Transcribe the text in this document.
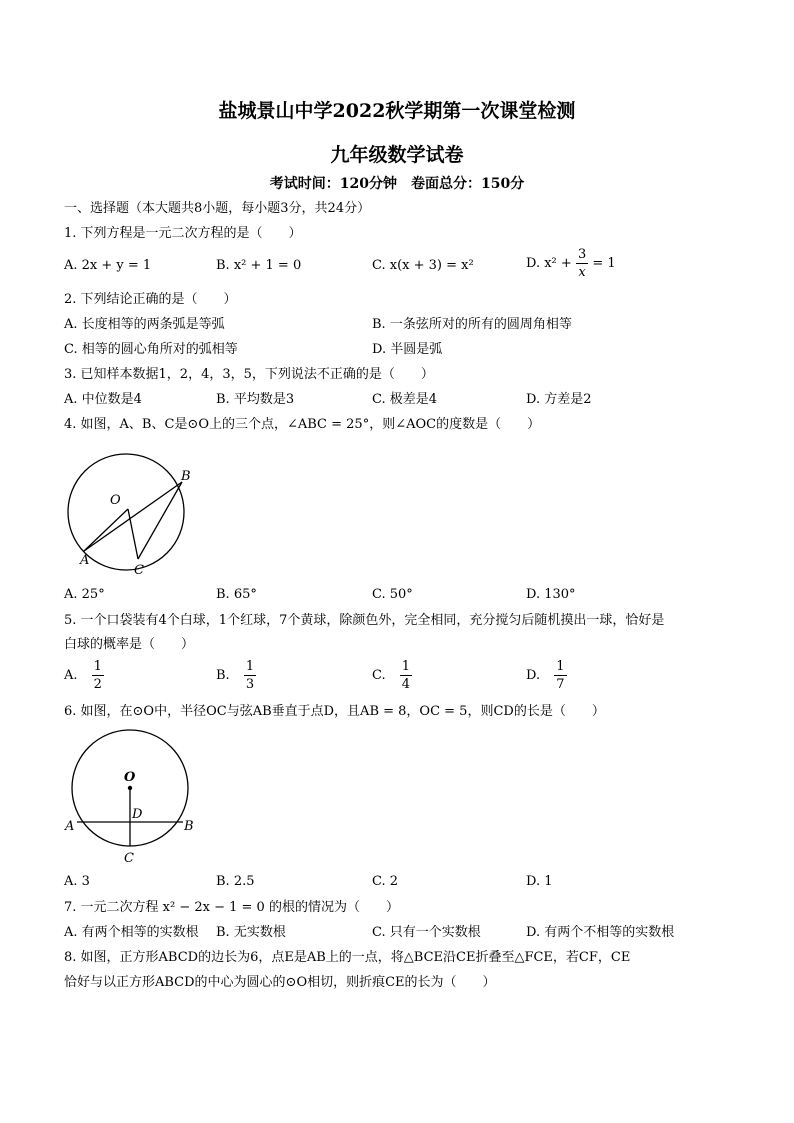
盐城景山中学2022秋学期第一次课堂检测
九年级数学试卷
考试时间：120分钟　卷面总分：150分
一、选择题（本大题共8小题，每小题3分，共24分）
1. 下列方程是一元二次方程的是（　　）
A. 2x + y = 1	B. x² + 1 = 0	C. x(x + 3) = x²	D. $x^2 + \frac{3}{x} = 1$
2. 下列结论正确的是（　　）
A. 长度相等的两条弧是等弧	B. 一条弦所对的所有的圆周角相等
C. 相等的圆心角所对的弧相等	D. 半圆是弧
3. 已知样本数据1，2，4，3，5，下列说法不正确的是（　　）
A. 中位数是4	B. 平均数是3	C. 极差是4	D. 方差是2
4. 如图，A、B、C是⊙O上的三个点，∠ABC = 25°，则∠AOC的度数是（　　）
O
A
B
C
A. 25°	B. 65°	C. 50°	D. 130°
5. 一个口袋装有4个白球，1个红球，7个黄球，除颜色外，完全相同，充分搅匀后随机摸出一球，恰好是
白球的概率是（　　）
A. $\frac{1}{2}$	B. $\frac{1}{3}$	C. $\frac{1}{4}$	D. $\frac{1}{7}$
6. 如图，在⊙O中，半径OC与弦AB垂直于点D，且AB = 8，OC = 5，则CD的长是（　　）
O
D
A	B
C
A. 3	B. 2.5	C. 2	D. 1
7. 一元二次方程 x² − 2x − 1 = 0 的根的情况为（　　）
A. 有两个相等的实数根 B. 无实数根	C. 只有一个实数根	D. 有两个不相等的实数根
8. 如图，正方形ABCD的边长为6，点E是AB上的一点，将△BCE沿CE折叠至△FCE，若CF，CE
恰好与以正方形ABCD的中心为圆心的⊙O相切，则折痕CE的长为（　　）
